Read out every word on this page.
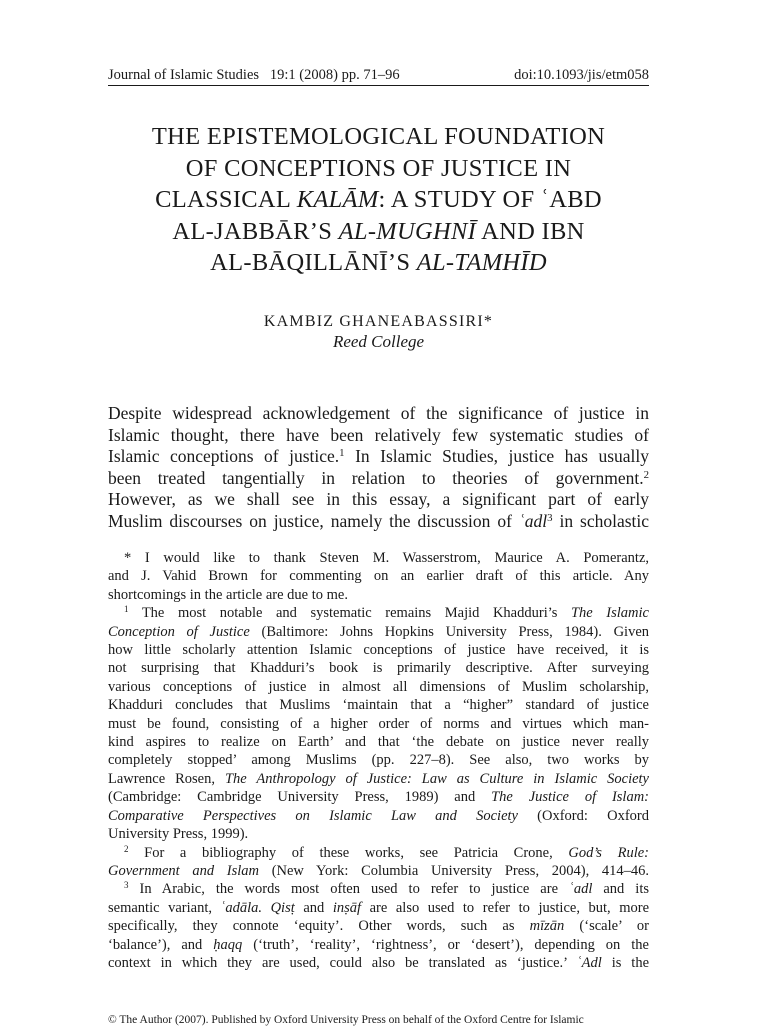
Journal of Islamic Studies   19:1 (2008) pp. 71–96	doi:10.1093/jis/etm058
THE EPISTEMOLOGICAL FOUNDATION
OF CONCEPTIONS OF JUSTICE IN
CLASSICAL KALĀM: A STUDY OF ʿABD
AL-JABBĀR’S AL-MUGHNĪ AND IBN
AL-BĀQILLĀNĪ’S AL-TAMHĪD
KAMBIZ GHANEABASSIRI*
Reed College
Despite widespread acknowledgement of the significance of justice in
Islamic thought, there have been relatively few systematic studies of
Islamic conceptions of justice.$^1$ In Islamic Studies, justice has usually
been treated tangentially in relation to theories of government.$^2$
However, as we shall see in this essay, a significant part of early
Muslim discourses on justice, namely the discussion of ʿadl$^3$ in scholastic
* I would like to thank Steven M. Wasserstrom, Maurice A. Pomerantz,
and J. Vahid Brown for commenting on an earlier draft of this article. Any
shortcomings in the article are due to me.
$^1$ The most notable and systematic remains Majid Khadduri’s The Islamic
Conception of Justice (Baltimore: Johns Hopkins University Press, 1984). Given
how little scholarly attention Islamic conceptions of justice have received, it is
not surprising that Khadduri’s book is primarily descriptive. After surveying
various conceptions of justice in almost all dimensions of Muslim scholarship,
Khadduri concludes that Muslims ‘maintain that a “higher” standard of justice
must be found, consisting of a higher order of norms and virtues which man-
kind aspires to realize on Earth’ and that ‘the debate on justice never really
completely stopped’ among Muslims (pp. 227–8). See also, two works by
Lawrence Rosen, The Anthropology of Justice: Law as Culture in Islamic Society
(Cambridge: Cambridge University Press, 1989) and The Justice of Islam:
Comparative Perspectives on Islamic Law and Society (Oxford: Oxford
University Press, 1999).
$^2$ For a bibliography of these works, see Patricia Crone, God’s Rule:
Government and Islam (New York: Columbia University Press, 2004), 414–46.
$^3$ In Arabic, the words most often used to refer to justice are ʿadl and its
semantic variant, ʿadāla. Qisṭ and inṣāf are also used to refer to justice, but, more
specifically, they connote ‘equity’. Other words, such as mīzān (‘scale’ or
‘balance’), and ḥaqq (‘truth’, ‘reality’, ‘rightness’, or ‘desert’), depending on the
context in which they are used, could also be translated as ‘justice.’ ʿAdl is the
© The Author (2007). Published by Oxford University Press on behalf of the Oxford Centre for Islamic
